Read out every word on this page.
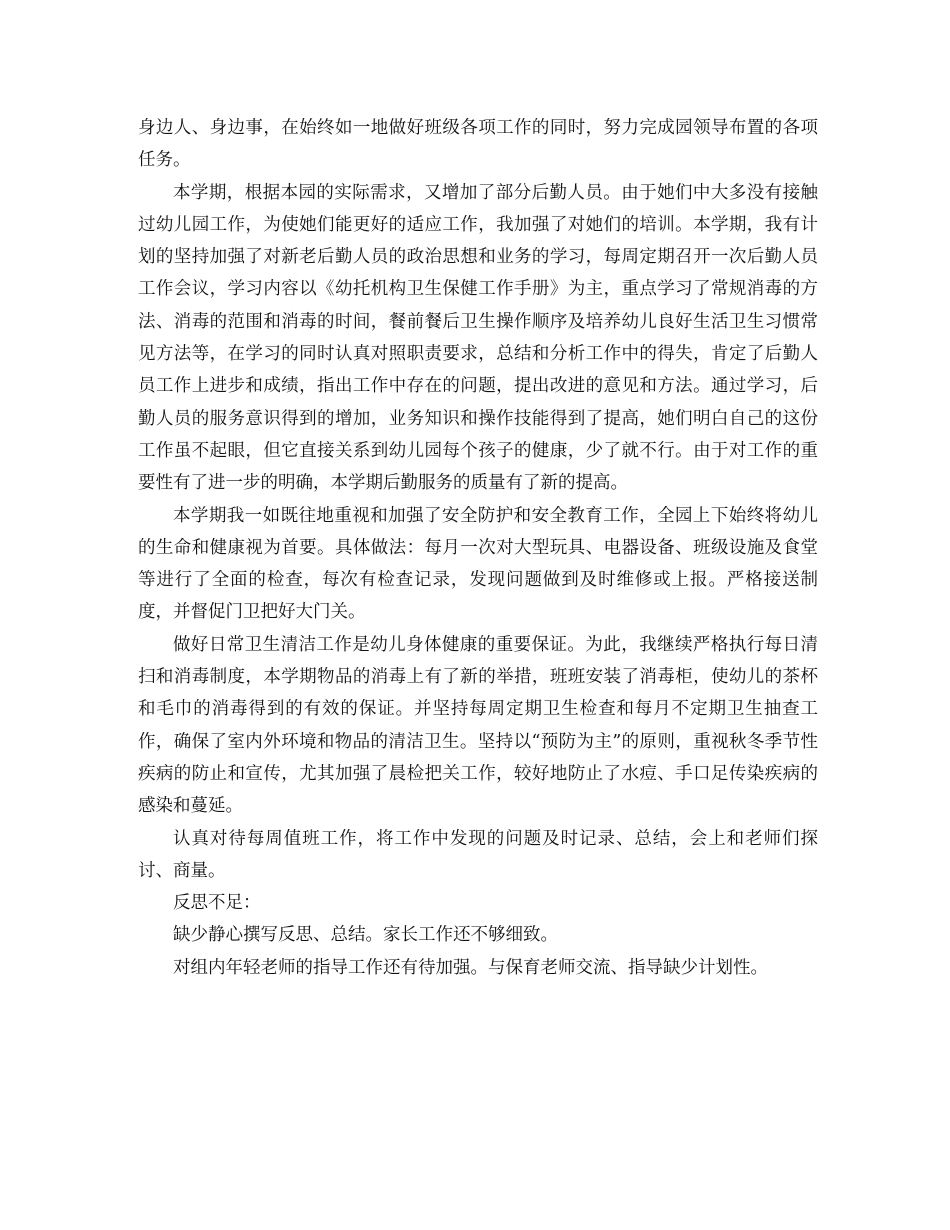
身边人、身边事，在始终如一地做好班级各项工作的同时，努力完成园领导布置的各项任务。

本学期，根据本园的实际需求，又增加了部分后勤人员。由于她们中大多没有接触过幼儿园工作，为使她们能更好的适应工作，我加强了对她们的培训。本学期，我有计划的坚持加强了对新老后勤人员的政治思想和业务的学习，每周定期召开一次后勤人员工作会议，学习内容以《幼托机构卫生保健工作手册》为主，重点学习了常规消毒的方法、消毒的范围和消毒的时间，餐前餐后卫生操作顺序及培养幼儿良好生活卫生习惯常见方法等，在学习的同时认真对照职责要求，总结和分析工作中的得失，肯定了后勤人员工作上进步和成绩，指出工作中存在的问题，提出改进的意见和方法。通过学习，后勤人员的服务意识得到的增加，业务知识和操作技能得到了提高，她们明白自己的这份工作虽不起眼，但它直接关系到幼儿园每个孩子的健康，少了就不行。由于对工作的重要性有了进一步的明确，本学期后勤服务的质量有了新的提高。

本学期我一如既往地重视和加强了安全防护和安全教育工作，全园上下始终将幼儿的生命和健康视为首要。具体做法：每月一次对大型玩具、电器设备、班级设施及食堂等进行了全面的检查，每次有检查记录，发现问题做到及时维修或上报。严格接送制度，并督促门卫把好大门关。

做好日常卫生清洁工作是幼儿身体健康的重要保证。为此，我继续严格执行每日清扫和消毒制度，本学期物品的消毒上有了新的举措，班班安装了消毒柜，使幼儿的茶杯和毛巾的消毒得到的有效的保证。并坚持每周定期卫生检查和每月不定期卫生抽查工作，确保了室内外环境和物品的清洁卫生。坚持以“预防为主”的原则，重视秋冬季节性疾病的防止和宣传，尤其加强了晨检把关工作，较好地防止了水痘、手口足传染疾病的感染和蔓延。

认真对待每周值班工作，将工作中发现的问题及时记录、总结，会上和老师们探讨、商量。

反思不足：

缺少静心撰写反思、总结。家长工作还不够细致。

对组内年轻老师的指导工作还有待加强。与保育老师交流、指导缺少计划性。
